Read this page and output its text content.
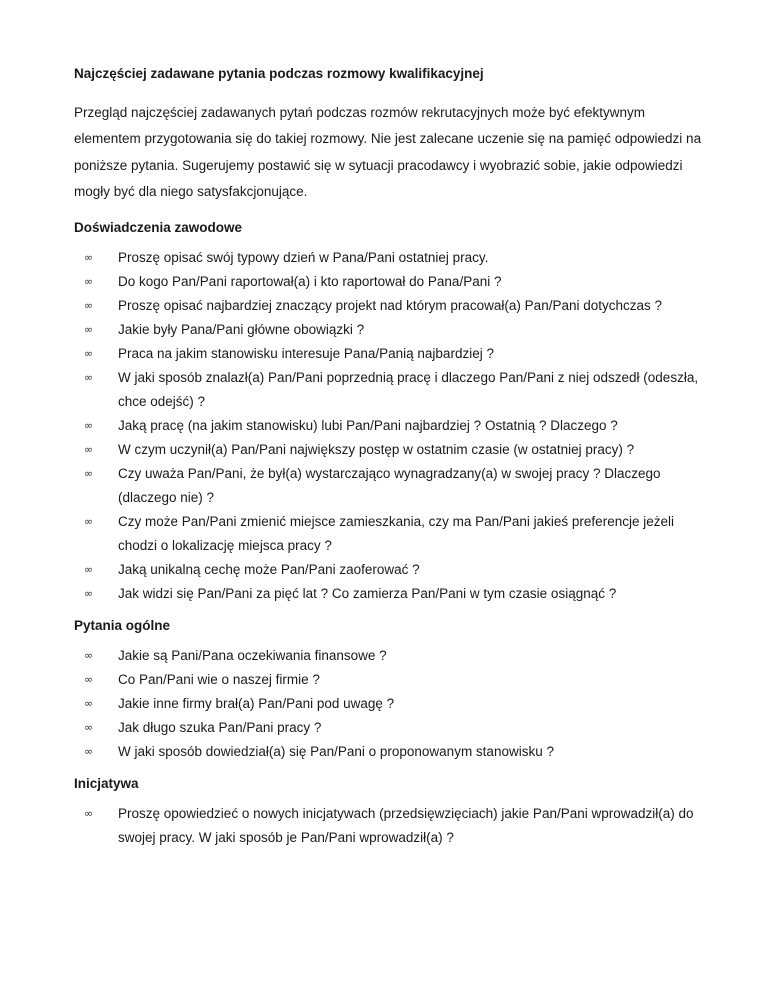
Najczęściej zadawane pytania podczas rozmowy kwalifikacyjnej

Przegląd najczęściej zadawanych pytań podczas rozmów rekrutacyjnych może być efektywnym elementem przygotowania się do takiej rozmowy. Nie jest zalecane uczenie się na pamięć odpowiedzi na poniższe pytania. Sugerujemy postawić się w sytuacji pracodawcy i wyobrazić sobie, jakie odpowiedzi mogły być dla niego satysfakcjonujące.

Doświadczenia zawodowe

∞ Proszę opisać swój typowy dzień w Pana/Pani ostatniej pracy.
∞ Do kogo Pan/Pani raportował(a) i kto raportował do Pana/Pani ?
∞ Proszę opisać najbardziej znaczący projekt nad którym pracował(a) Pan/Pani dotychczas ?
∞ Jakie były Pana/Pani główne obowiązki ?
∞ Praca na jakim stanowisku interesuje Pana/Panią najbardziej ?
∞ W jaki sposób znalazł(a) Pan/Pani poprzednią pracę i dlaczego Pan/Pani z niej odszedł (odeszła, chce odejść) ?
∞ Jaką pracę (na jakim stanowisku) lubi Pan/Pani najbardziej ? Ostatnią ? Dlaczego ?
∞ W czym uczynił(a) Pan/Pani największy postęp w ostatnim czasie (w ostatniej pracy) ?
∞ Czy uważa Pan/Pani, że był(a) wystarczająco wynagradzany(a) w swojej pracy ? Dlaczego (dlaczego nie) ?
∞ Czy może Pan/Pani zmienić miejsce zamieszkania, czy ma Pan/Pani jakieś preferencje jeżeli chodzi o lokalizację miejsca pracy ?
∞ Jaką unikalną cechę może Pan/Pani zaoferować ?
∞ Jak widzi się Pan/Pani za pięć lat ? Co zamierza Pan/Pani w tym czasie osiągnąć ?

Pytania ogólne

∞ Jakie są Pani/Pana oczekiwania finansowe ?
∞ Co Pan/Pani wie o naszej firmie ?
∞ Jakie inne firmy brał(a) Pan/Pani pod uwagę ?
∞ Jak długo szuka Pan/Pani pracy ?
∞ W jaki sposób dowiedział(a) się Pan/Pani o proponowanym stanowisku ?

Inicjatywa

∞ Proszę opowiedzieć o nowych inicjatywach (przedsięwzięciach) jakie Pan/Pani wprowadził(a) do swojej pracy. W jaki sposób je Pan/Pani wprowadził(a) ?
